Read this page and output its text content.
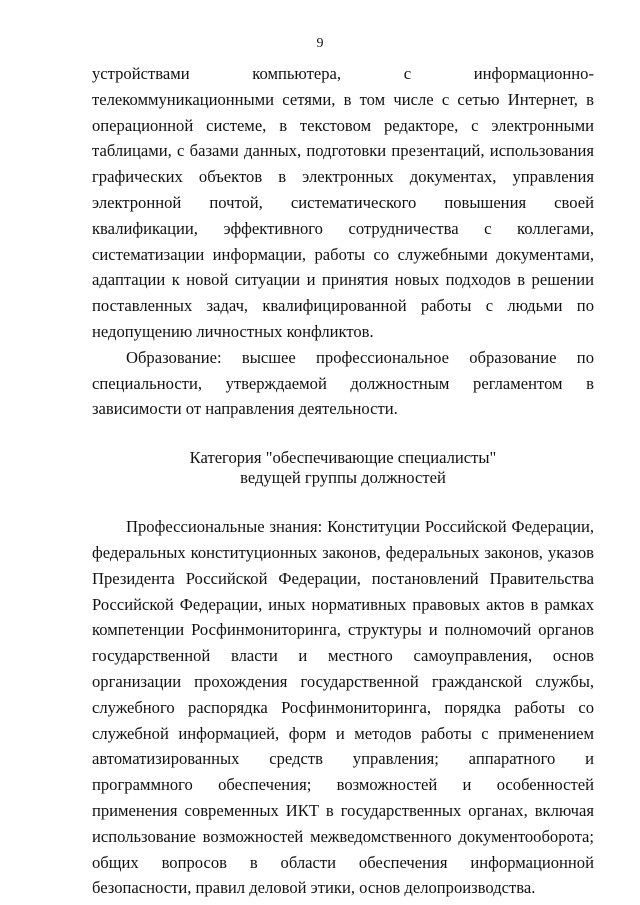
9

устройствами компьютера, с информационно-телекоммуникационными сетями, в том числе с сетью Интернет, в операционной системе, в текстовом редакторе, с электронными таблицами, с базами данных, подготовки презентаций, использования графических объектов в электронных документах, управления электронной почтой, систематического повышения своей квалификации, эффективного сотрудничества с коллегами, систематизации информации, работы со служебными документами, адаптации к новой ситуации и принятия новых подходов в решении поставленных задач, квалифицированной работы с людьми по недопущению личностных конфликтов.

Образование: высшее профессиональное образование по специальности, утверждаемой должностным регламентом в зависимости от направления деятельности.

Категория "обеспечивающие специалисты"
ведущей группы должностей

Профессиональные знания: Конституции Российской Федерации, федеральных конституционных законов, федеральных законов, указов Президента Российской Федерации, постановлений Правительства Российской Федерации, иных нормативных правовых актов в рамках компетенции Росфинмониторинга, структуры и полномочий органов государственной власти и местного самоуправления, основ организации прохождения государственной гражданской службы, служебного распорядка Росфинмониторинга, порядка работы со служебной информацией, форм и методов работы с применением автоматизированных средств управления; аппаратного и программного обеспечения; возможностей и особенностей применения современных ИКТ в государственных органах, включая использование возможностей межведомственного документооборота; общих вопросов в области обеспечения информационной безопасности, правил деловой этики, основ делопроизводства.
